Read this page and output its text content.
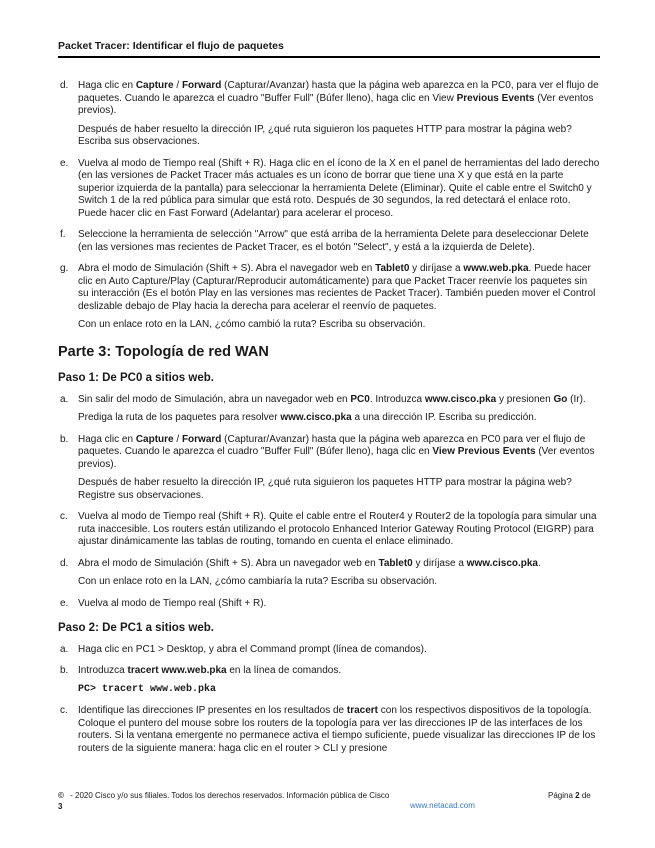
Packet Tracer: Identificar el flujo de paquetes
d. Haga clic en Capture / Forward (Capturar/Avanzar) hasta que la página web aparezca en la PC0, para ver el flujo de paquetes. Cuando le aparezca el cuadro "Buffer Full" (Búfer lleno), haga clic en View Previous Events (Ver eventos previos).

Después de haber resuelto la dirección IP, ¿qué ruta siguieron los paquetes HTTP para mostrar la página web? Escriba sus observaciones.

e. Vuelva al modo de Tiempo real (Shift + R). Haga clic en el ícono de la X en el panel de herramientas del lado derecho (en las versiones de Packet Tracer más actuales es un ícono de borrar que tiene una X y que está en la parte superior izquierda de la pantalla) para seleccionar la herramienta Delete (Eliminar). Quite el cable entre el Switch0 y Switch 1 de la red pública para simular que está roto. Después de 30 segundos, la red detectará el enlace roto. Puede hacer clic en Fast Forward (Adelantar) para acelerar el proceso.

f.	Seleccione la herramienta de selección "Arrow" que está arriba de la herramienta Delete para deseleccionar Delete (en las versiones mas recientes de Packet Tracer, es el botón "Select", y está a la izquierda de Delete).

g. Abra el modo de Simulación (Shift + S). Abra el navegador web en Tablet0 y diríjase a www.web.pka. Puede hacer clic en Auto Capture/Play (Capturar/Reproducir automáticamente) para que Packet Tracer reenvíe los paquetes sin su interacción (Es el botón Play en las versiones mas recientes de Packet Tracer). También pueden mover el Control deslizable debajo de Play hacia la derecha para acelerar el reenvío de paquetes.

Con un enlace roto en la LAN, ¿cómo cambió la ruta? Escriba su observación.

Parte 3: Topología de red WAN
Paso 1: De PC0 a sitios web.
a. Sin salir del modo de Simulación, abra un navegador web en PC0. Introduzca www.cisco.pka y presionen Go (Ir).

Prediga la ruta de los paquetes para resolver www.cisco.pka a una dirección IP. Escriba su predicción.

b. Haga clic en Capture / Forward (Capturar/Avanzar) hasta que la página web aparezca en PC0 para ver el flujo de paquetes. Cuando le aparezca el cuadro "Buffer Full" (Búfer lleno), haga clic en View Previous Events (Ver eventos previos).

Después de haber resuelto la dirección IP, ¿qué ruta siguieron los paquetes HTTP para mostrar la página web? Registre sus observaciones.

c.	Vuelva al modo de Tiempo real (Shift + R). Quite el cable entre el Router4 y Router2 de la topología para simular una ruta inaccesible. Los routers están utilizando el protocolo Enhanced Interior Gateway Routing Protocol (EIGRP) para ajustar dinámicamente las tablas de routing, tomando en cuenta el enlace eliminado.

d. Abra el modo de Simulación (Shift + S). Abra un navegador web en Tablet0 y diríjase a www.cisco.pka.

Con un enlace roto en la LAN, ¿cómo cambiaría la ruta? Escriba su observación.

e. Vuelva al modo de Tiempo real (Shift + R).

Paso 2: De PC1 a sitios web.
a. Haga clic en PC1 > Desktop, y abra el Command prompt (línea de comandos).

b. Introduzca tracert www.web.pka en la línea de comandos.

PC> tracert www.web.pka

c.	Identifique las direcciones IP presentes en los resultados de tracert con los respectivos dispositivos de la topología. Coloque el puntero del mouse sobre los routers de la topología para ver las direcciones IP de las interfaces de los routers. Si la ventana emergente no permanece activa el tiempo suficiente, puede visualizar las direcciones IP de los routers de la siguiente manera: haga clic en el router > CLI y presione

© - 2020 Cisco y/o sus filiales. Todos los derechos reservados. Información pública de Cisco
3
Página 2 de
www.netacad.com
